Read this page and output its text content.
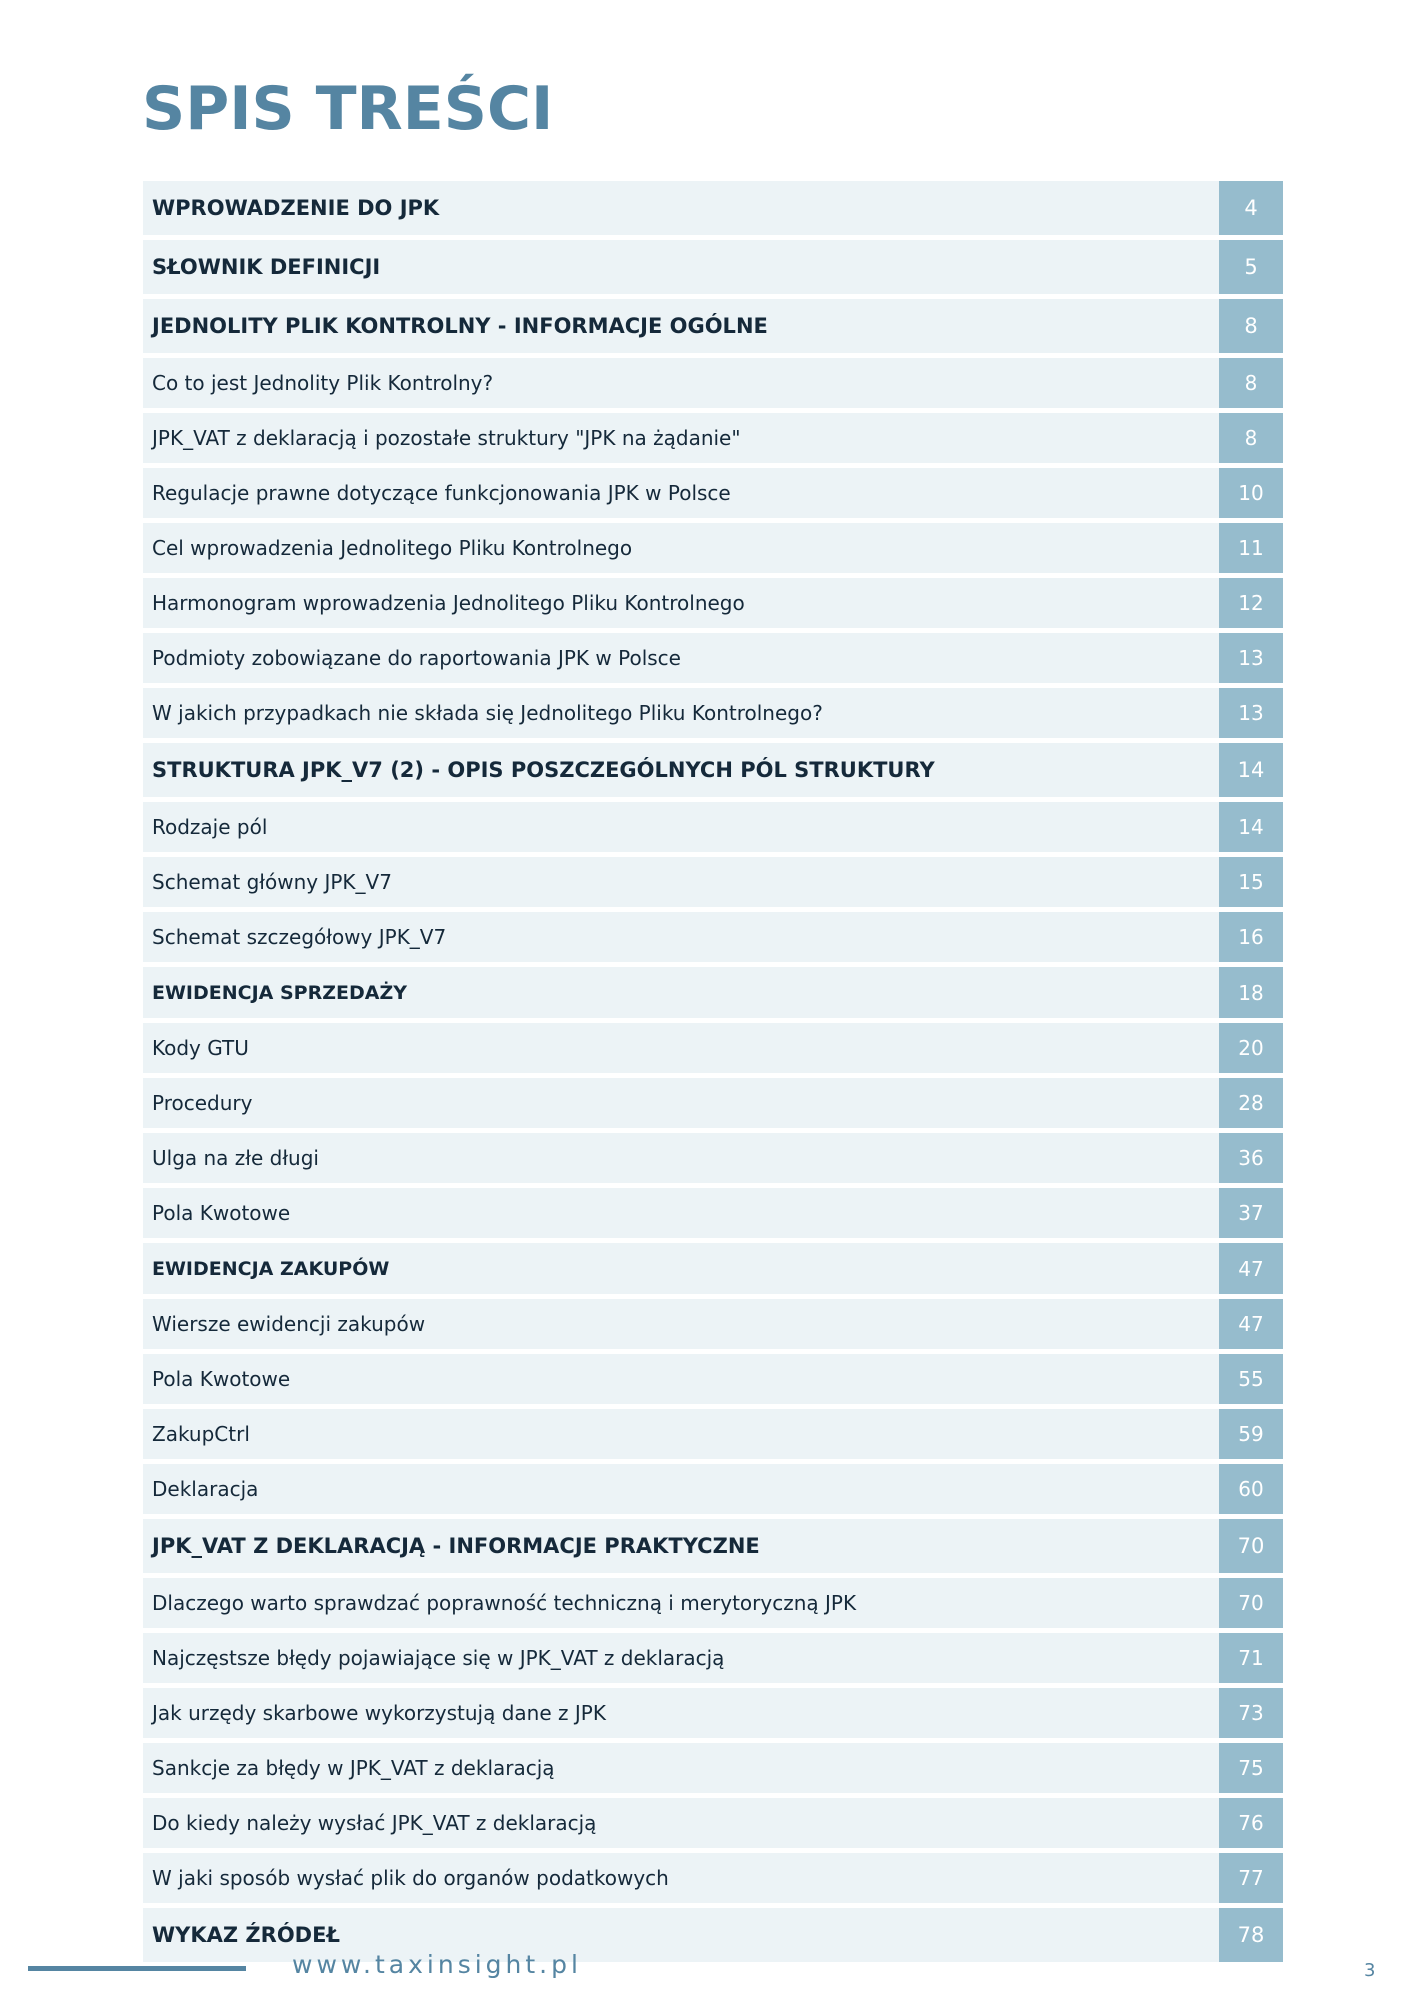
SPIS TREŚCI
WPROWADZENIE DO JPK	4
SŁOWNIK DEFINICJI	5
JEDNOLITY PLIK KONTROLNY - INFORMACJE OGÓLNE	8
Co to jest Jednolity Plik Kontrolny?	8
JPK_VAT z deklaracją i pozostałe struktury "JPK na żądanie"	8
Regulacje prawne dotyczące funkcjonowania JPK w Polsce	10
Cel wprowadzenia Jednolitego Pliku Kontrolnego	11
Harmonogram wprowadzenia Jednolitego Pliku Kontrolnego	12
Podmioty zobowiązane do raportowania JPK w Polsce	13
W jakich przypadkach nie składa się Jednolitego Pliku Kontrolnego?	13
STRUKTURA JPK_V7 (2) - OPIS POSZCZEGÓLNYCH PÓL STRUKTURY	14
Rodzaje pól	14
Schemat główny JPK_V7	15
Schemat szczegółowy JPK_V7	16
EWIDENCJA SPRZEDAŻY	18
Kody GTU	20
Procedury	28
Ulga na złe długi	36
Pola Kwotowe	37
EWIDENCJA ZAKUPÓW	47
Wiersze ewidencji zakupów	47
Pola Kwotowe	55
ZakupCtrl	59
Deklaracja	60
JPK_VAT Z DEKLARACJĄ - INFORMACJE PRAKTYCZNE	70
Dlaczego warto sprawdzać poprawność techniczną i merytoryczną JPK	70
Najczęstsze błędy pojawiające się w JPK_VAT z deklaracją	71
Jak urzędy skarbowe wykorzystują dane z JPK	73
Sankcje za błędy w JPK_VAT z deklaracją	75
Do kiedy należy wysłać JPK_VAT z deklaracją	76
W jaki sposób wysłać plik do organów podatkowych	77
WYKAZ ŹRÓDEŁ	78
www.taxinsight.pl	3
